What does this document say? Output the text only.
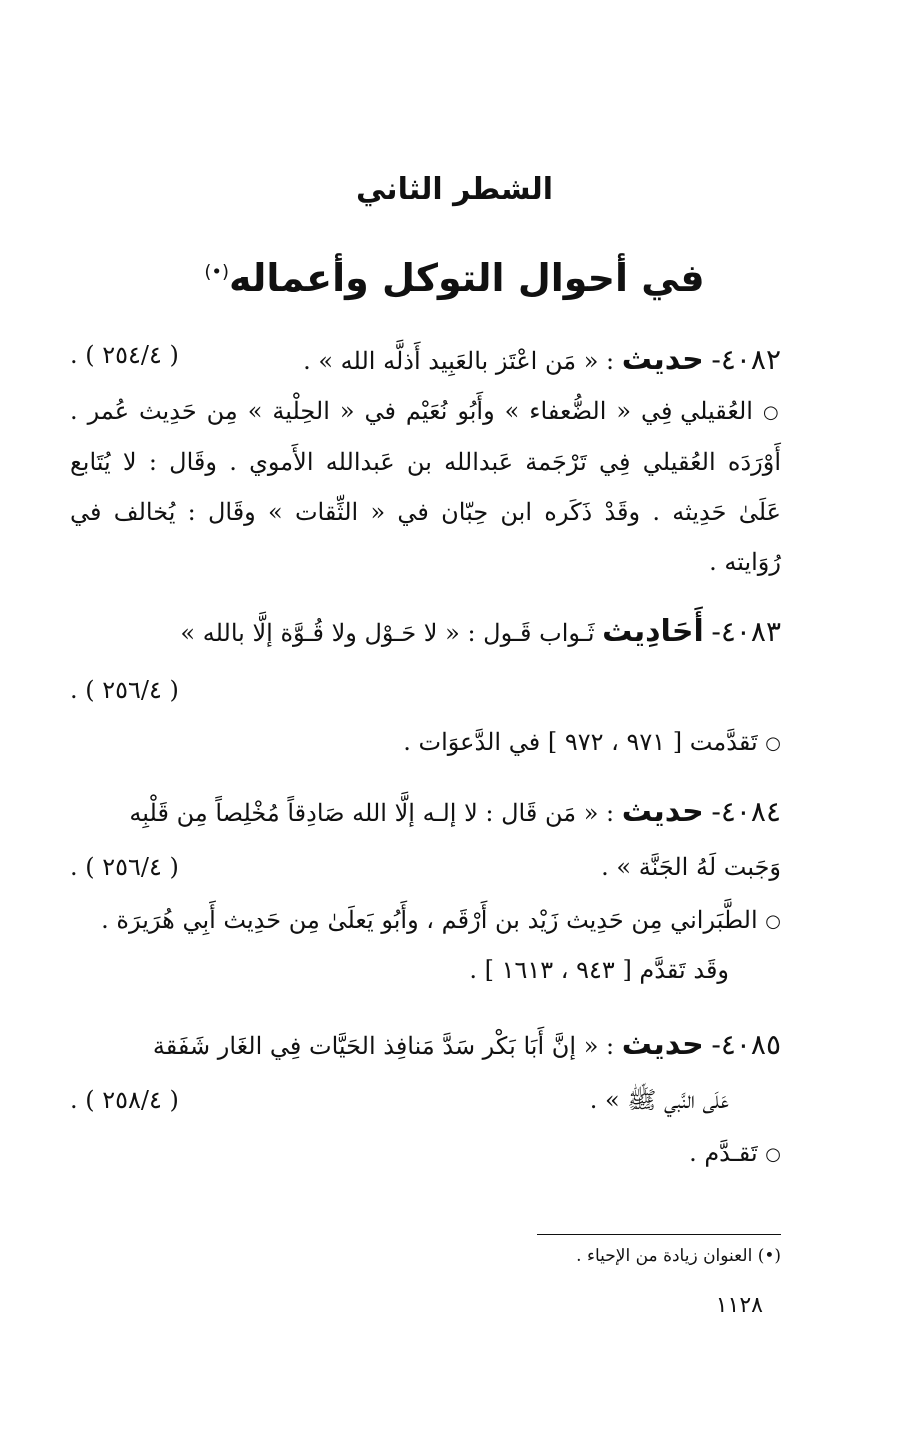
الشطر الثاني
في أحوال التوكل وأعماله(•)
٤٠٨٢- حديث : « مَن اعْتَز بالعَبِيد أَذلَّه الله » .
( ٢٥٤/٤ ) .
○ العُقيلي فِي « الضُّعفاء » وأَبُو نُعَيْم في « الحِلْية » مِن حَدِيث عُمر .
أَوْرَدَه العُقيلي فِي تَرْجَمة عَبدالله بن عَبدالله الأَموي . وقَال : لا يُتَابع
عَلَىٰ حَدِيثه . وقَدْ ذَكَره ابن حِبّان في « الثِّقات » وقَال : يُخالف في
رُوَايته .
٤٠٨٣- أَحَادِيث ثَـواب قَـول : « لا حَـوْل ولا قُـوَّة إلَّا بالله »
( ٢٥٦/٤ ) .
○ تَقدَّمت [ ٩٧١ ، ٩٧٢ ] في الدَّعوَات .
٤٠٨٤- حديث : « مَن قَال : لا إلـه إلَّا الله صَادِقاً مُخْلِصاً مِن قَلْبِه
وَجَبت لَهُ الجَنَّة » .
( ٢٥٦/٤ ) .
○ الطَّبَراني مِن حَدِيث زَيْد بن أَرْقَم ، وأَبُو يَعلَىٰ مِن حَدِيث أَبِي هُرَيرَة .
وقَد تَقدَّم [ ٩٤٣ ، ١٦١٣ ] .
٤٠٨٥- حديث : « إنَّ أَبَا بَكْر سَدَّ مَنافِذ الحَيَّات فِي الغَار شَفَقة
عَلَى النَّبي ﷺ » .
( ٢٥٨/٤ ) .
○ تَقـدَّم .
(•) العنوان زيادة من الإحياء .
١١٢٨
